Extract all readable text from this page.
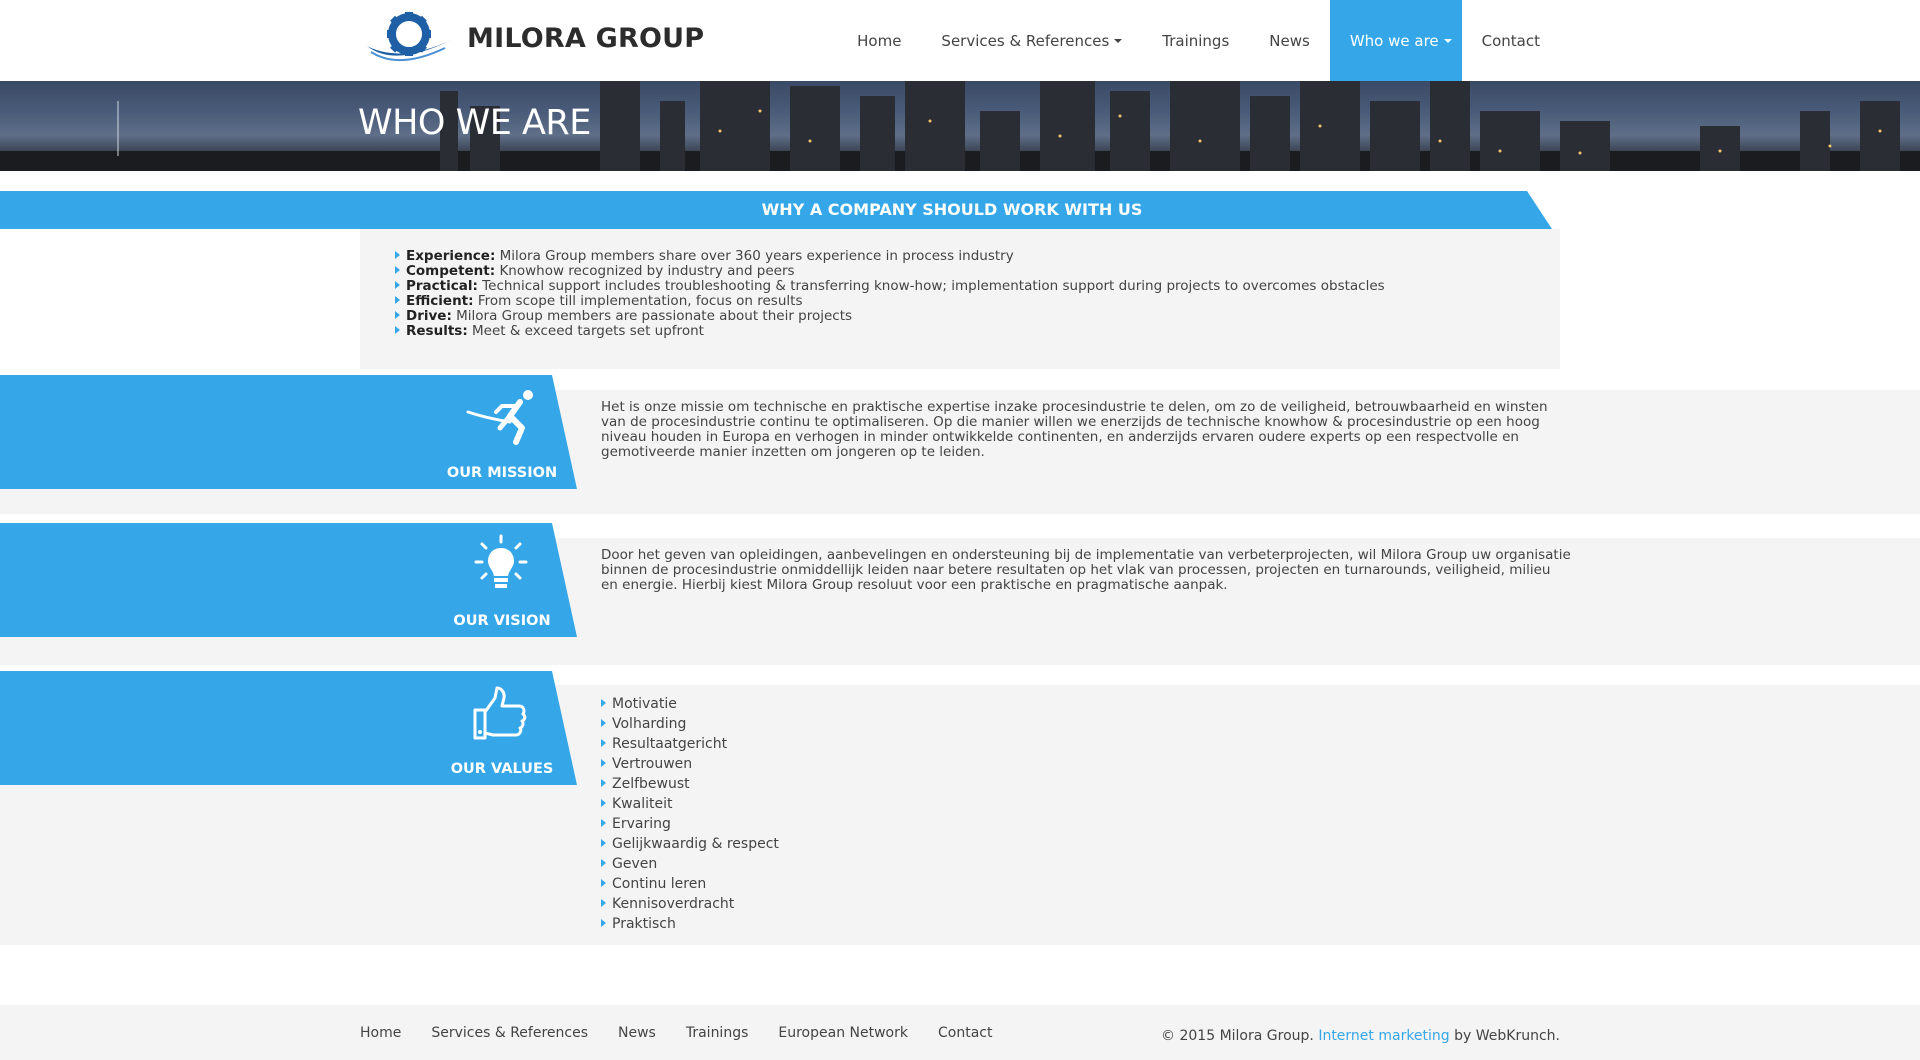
MILORA GROUP	Home	Services & References	Trainings	News	Who we are	Contact
WHO WE ARE
WHY A COMPANY SHOULD WORK WITH US
Experience: Milora Group members share over 360 years experience in process industry
Competent: Knowhow recognized by industry and peers
Practical: Technical support includes troubleshooting & transferring know-how; implementation support during projects to overcomes obstacles
Efficient: From scope till implementation, focus on results
Drive: Milora Group members are passionate about their projects
Results: Meet & exceed targets set upfront
OUR MISSION
Het is onze missie om technische en praktische expertise inzake procesindustrie te delen, om zo de veiligheid, betrouwbaarheid en winsten van de procesindustrie continu te optimaliseren. Op die manier willen we enerzijds de technische knowhow & procesindustrie op een hoog niveau houden in Europa en verhogen in minder ontwikkelde continenten, en anderzijds ervaren oudere experts op een respectvolle en gemotiveerde manier inzetten om jongeren op te leiden.
OUR VISION
Door het geven van opleidingen, aanbevelingen en ondersteuning bij de implementatie van verbeterprojecten, wil Milora Group uw organisatie binnen de procesindustrie onmiddellijk leiden naar betere resultaten op het vlak van processen, projecten en turnarounds, veiligheid, milieu en energie. Hierbij kiest Milora Group resoluut voor een praktische en pragmatische aanpak.
OUR VALUES
Motivatie
Volharding
Resultaatgericht
Vertrouwen
Zelfbewust
Kwaliteit
Ervaring
Gelijkwaardig & respect
Geven
Continu leren
Kennisoverdracht
Praktisch
Home Services & References News Trainings European Network Contact	© 2015 Milora Group. Internet marketing by WebKrunch.
